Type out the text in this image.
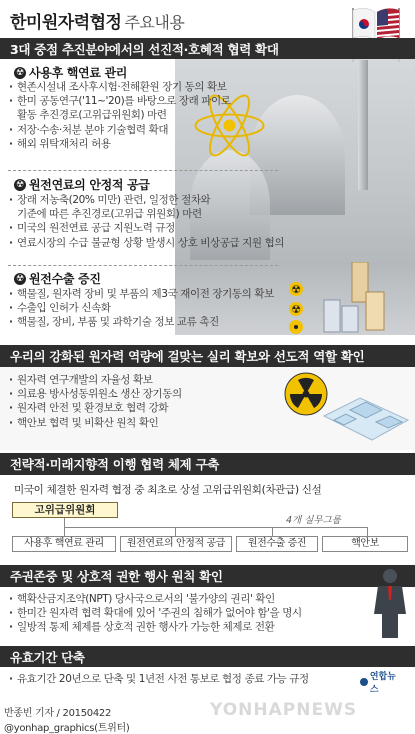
한미원자력협정 주요내용
3대 중점 추진분야에서의 선진적·호혜적 협력 확대
☢ 사용후 핵연료 관리
· 현존시설내 조사후시험·전해환원 장기 동의 확보
· 한미 공동연구('11~'20)를 바탕으로 장래 파이로
활동 추진경로(고위급위원회) 마련
· 저장·수송·처분 분야 기술협력 확대
· 해외 위탁재처리 허용
☢ 원전연료의 안정적 공급
· 장래 저농축(20% 미만) 관련, 일정한 절차와
기준에 따른 추진경로(고위급 위원회) 마련
· 미국의 원전연료 공급 지원노력 규정
· 연료시장의 수급 불균형 상황 발생시 상호 비상공급 지원 협의
☢ 원전수출 증진
· 핵물질, 원자력 장비 및 부품의 제3국 재이전 장기동의 확보
· 수출입 인허가 신속화
· 핵물질, 장비, 부품 및 과학기술 정보 교류 촉진
☢
☢
우리의 강화된 원자력 역량에 걸맞는 실리 확보와 선도적 역할 확인
· 원자력 연구개발의 자율성 확보
· 의료용 방사성동위원소 생산 장기동의
· 원자력 안전 및 환경보호 협력 강화
· 핵안보 협력 및 비확산 원칙 확인
전략적·미래지향적 이행 협력 체제 구축
미국이 체결한 원자력 협정 중 최초로 상설 고위급위원회(차관급) 신설
고위급위원회
4개 실무그룹
사용후 핵연료 관리	원전연료의 안정적 공급	원전수출 증진	핵안보
주권존중 및 상호적 권한 행사 원칙 확인
· 핵확산금지조약(NPT) 당사국으로서의 '불가양의 권리' 확인
· 한미간 원자력 협력 확대에 있어 '주권의 침해가 없어야 함'을 명시
· 일방적 통제 체제를 상호적 권한 행사가 가능한 체제로 전환
유효기간 단축
· 유효기간 20년으로 단축 및 1년전 사전 통보로 협정 종료 가능 규정	연합뉴스
반종빈 기자 / 20150422
@yonhap_graphics(트위터)
YONHAPNEWS
